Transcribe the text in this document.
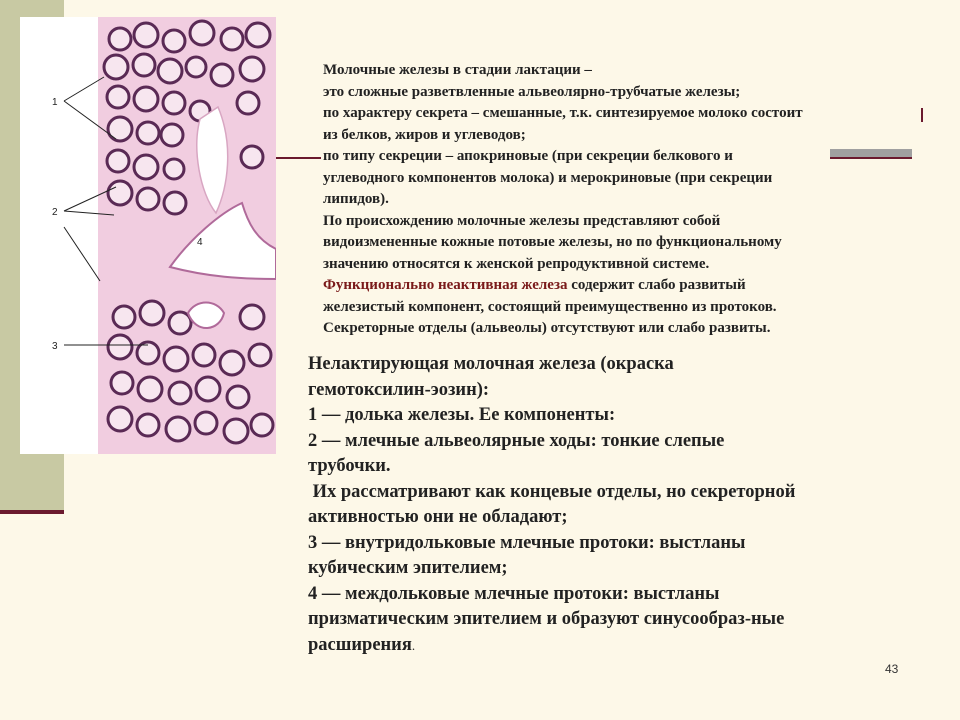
1
2
3
4

Молочные железы в стадии лактации –

это сложные разветвленные альвеолярно-трубчатые железы;

по характеру секрета – смешанные, т.к. синтезируемое молоко состоит

из белков, жиров и углеводов;

по типу секреции – апокриновые (при секреции белкового и

углеводного компонентов молока) и мерокриновые (при секреции

липидов).

По происхождению молочные железы представляют собой

видоизмененные кожные потовые железы, но по функциональному

значению относятся к женской репродуктивной системе.

Функционально неактивная железа содержит слабо развитый

железистый компонент, состоящий преимущественно из протоков.

Секреторные отделы (альвеолы) отсутствуют или слабо развиты.

Нелактирующая молочная железа (окраска

гемотоксилин-эозин):

1 — долька железы. Ее компоненты:

2 — млечные альвеолярные ходы: тонкие слепые

трубочки.

Их рассматривают как концевые отделы, но секреторной

активностью они не обладают;

3 — внутридольковые млечные протоки: выстланы

кубическим эпителием;

4 — междольковые млечные протоки: выстланы

призматическим эпителием и образуют синусообраз-ные

расширения.

43
